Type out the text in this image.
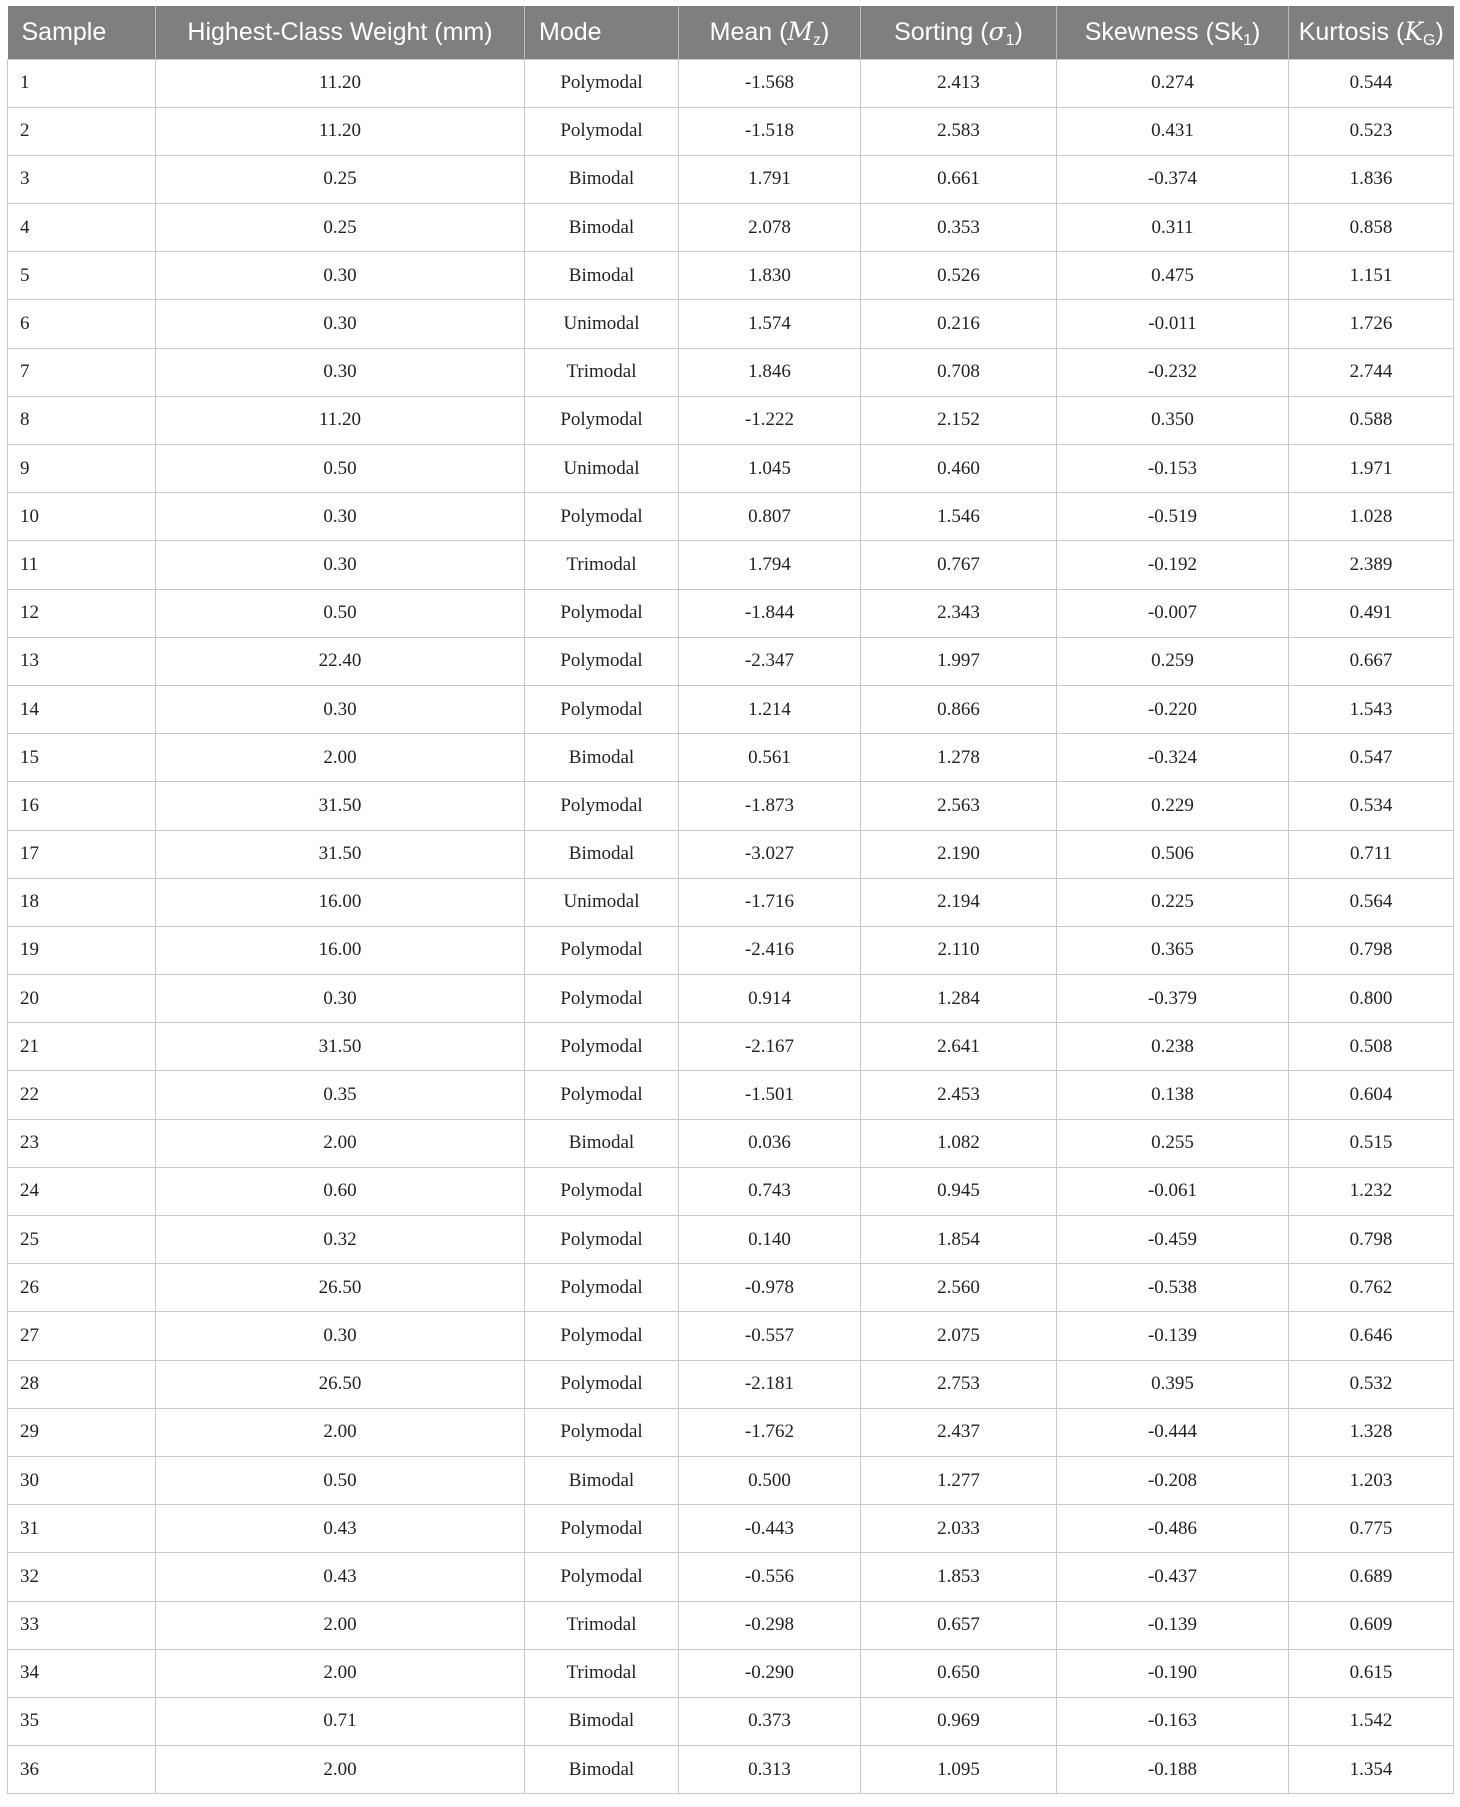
Sample	Highest-Class Weight (mm)	Mode	Mean $(M_z)$	Sorting $(\sigma_1)$	Skewness $(Sk_1)$	Kurtosis $(K_G)$
1	11.20	Polymodal	-1.568	2.413	0.274	0.544
2	11.20	Polymodal	-1.518	2.583	0.431	0.523
3	0.25	Bimodal	1.791	0.661	-0.374	1.836
4	0.25	Bimodal	2.078	0.353	0.311	0.858
5	0.30	Bimodal	1.830	0.526	0.475	1.151
6	0.30	Unimodal	1.574	0.216	-0.011	1.726
7	0.30	Trimodal	1.846	0.708	-0.232	2.744
8	11.20	Polymodal	-1.222	2.152	0.350	0.588
9	0.50	Unimodal	1.045	0.460	-0.153	1.971
10	0.30	Polymodal	0.807	1.546	-0.519	1.028
11	0.30	Trimodal	1.794	0.767	-0.192	2.389
12	0.50	Polymodal	-1.844	2.343	-0.007	0.491
13	22.40	Polymodal	-2.347	1.997	0.259	0.667
14	0.30	Polymodal	1.214	0.866	-0.220	1.543
15	2.00	Bimodal	0.561	1.278	-0.324	0.547
16	31.50	Polymodal	-1.873	2.563	0.229	0.534
17	31.50	Bimodal	-3.027	2.190	0.506	0.711
18	16.00	Unimodal	-1.716	2.194	0.225	0.564
19	16.00	Polymodal	-2.416	2.110	0.365	0.798
20	0.30	Polymodal	0.914	1.284	-0.379	0.800
21	31.50	Polymodal	-2.167	2.641	0.238	0.508
22	0.35	Polymodal	-1.501	2.453	0.138	0.604
23	2.00	Bimodal	0.036	1.082	0.255	0.515
24	0.60	Polymodal	0.743	0.945	-0.061	1.232
25	0.32	Polymodal	0.140	1.854	-0.459	0.798
26	26.50	Polymodal	-0.978	2.560	-0.538	0.762
27	0.30	Polymodal	-0.557	2.075	-0.139	0.646
28	26.50	Polymodal	-2.181	2.753	0.395	0.532
29	2.00	Polymodal	-1.762	2.437	-0.444	1.328
30	0.50	Bimodal	0.500	1.277	-0.208	1.203
31	0.43	Polymodal	-0.443	2.033	-0.486	0.775
32	0.43	Polymodal	-0.556	1.853	-0.437	0.689
33	2.00	Trimodal	-0.298	0.657	-0.139	0.609
34	2.00	Trimodal	-0.290	0.650	-0.190	0.615
35	0.71	Bimodal	0.373	0.969	-0.163	1.542
36	2.00	Bimodal	0.313	1.095	-0.188	1.354
